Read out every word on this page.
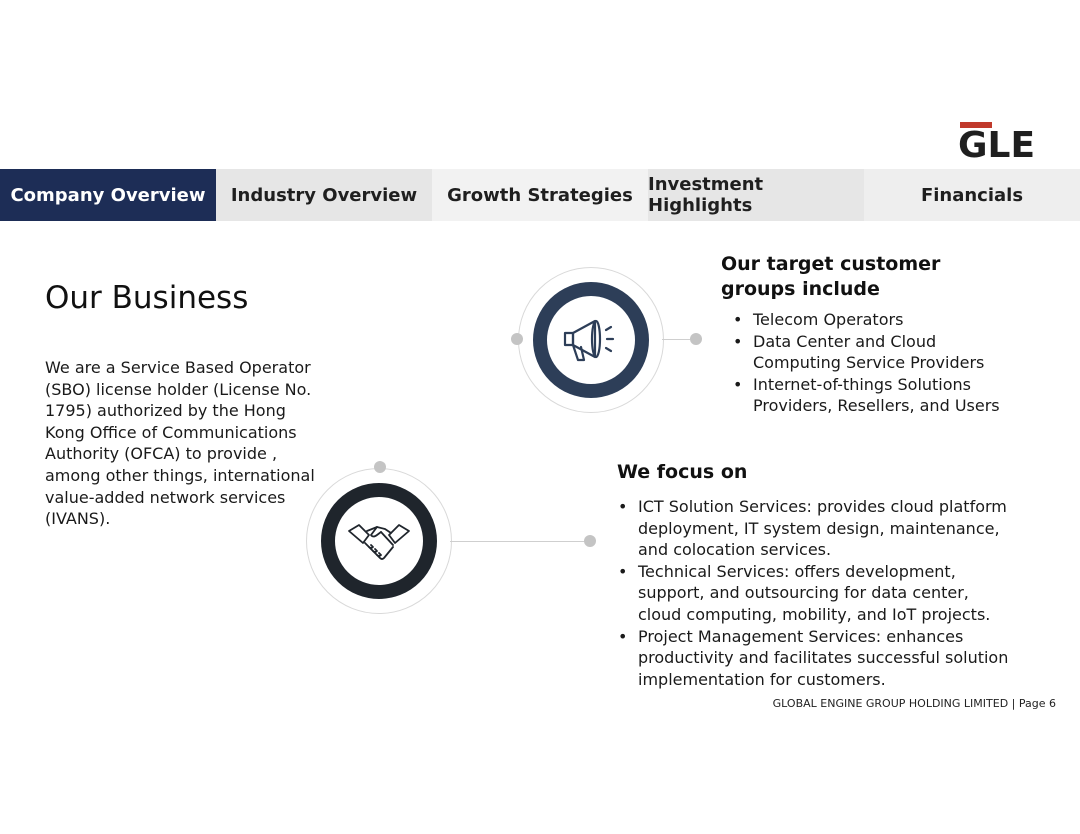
GLE
Company Overview	Industry Overview	Growth Strategies Investment Highlights	Financials
Our Business
We are a Service Based Operator (SBO) license holder (License No. 1795) authorized by the Hong Kong Office of Communications Authority (OFCA) to provide , among other things, international value-added network services (IVANS).
Our target customer groups include
• Telecom Operators
• Data Center and Cloud Computing Service Providers
• Internet-of-things Solutions Providers, Resellers, and Users
We focus on
• ICT Solution Services: provides cloud platform deployment, IT system design, maintenance, and colocation services.
• Technical Services: offers development, support, and outsourcing for data center, cloud computing, mobility, and IoT projects.
• Project Management Services: enhances productivity and facilitates successful solution implementation for customers.
GLOBAL ENGINE GROUP HOLDING LIMITED | Page 6
